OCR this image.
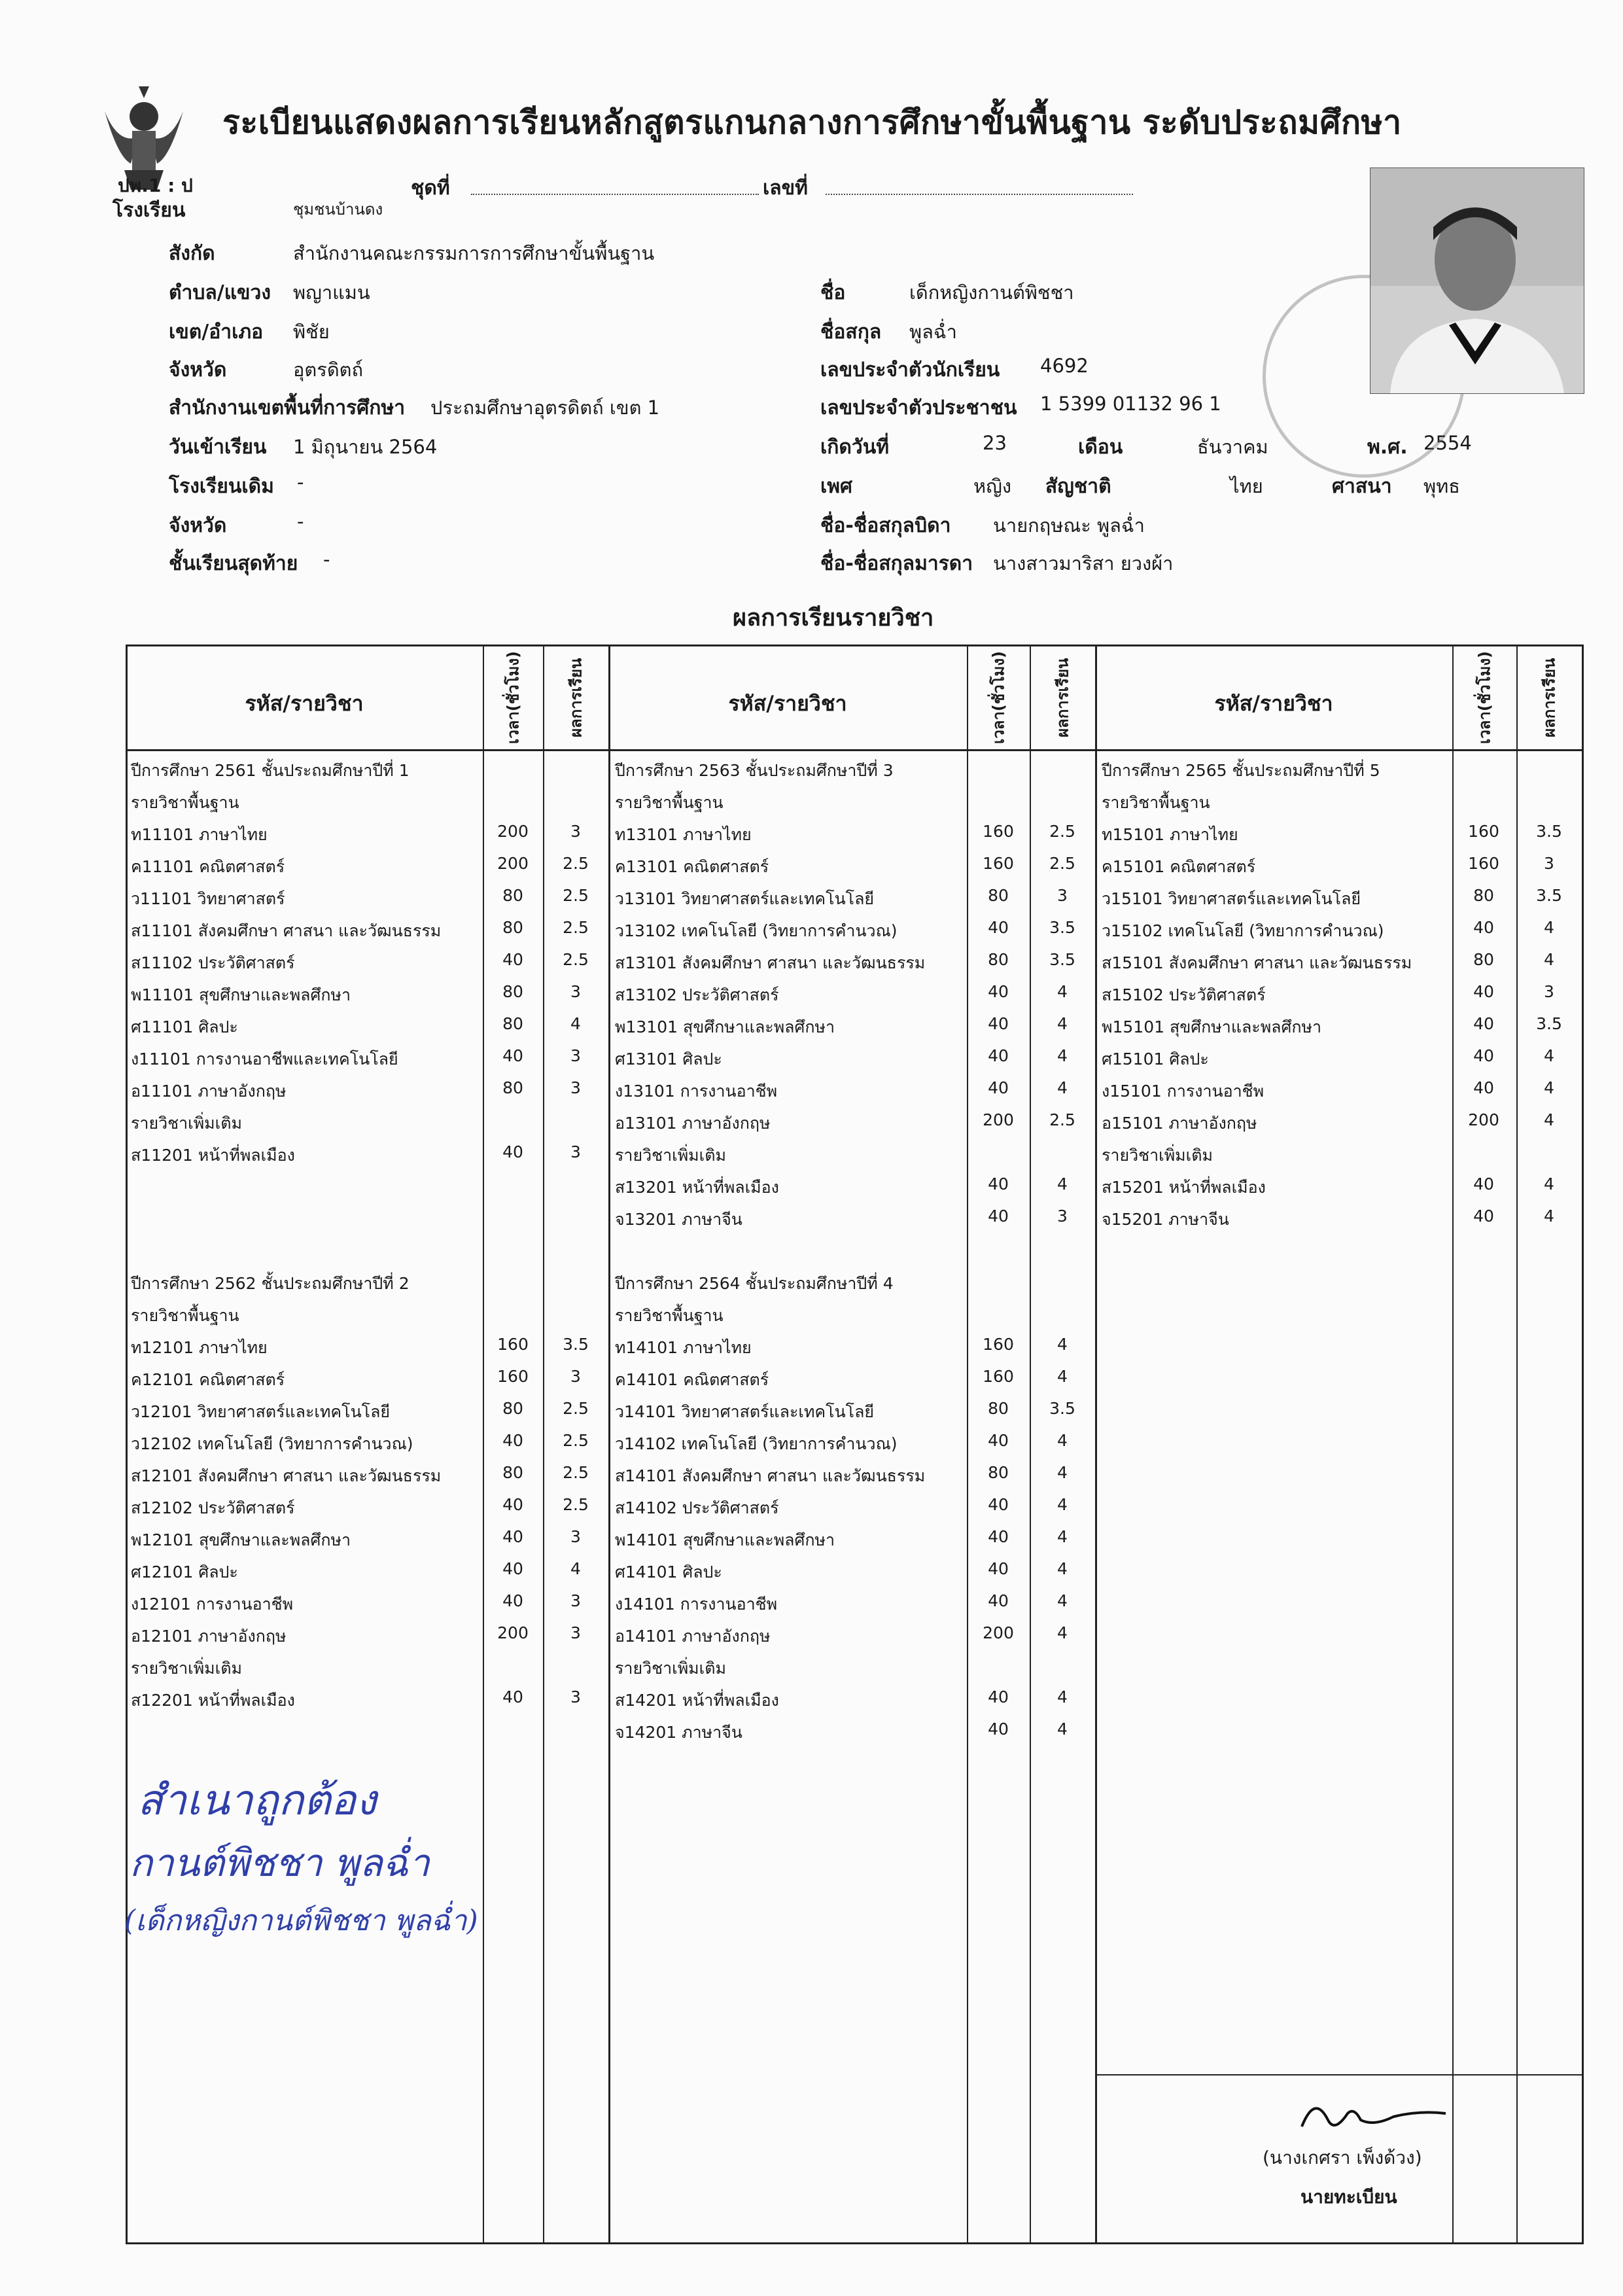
ระเบียนแสดงผลการเรียนหลักสูตรแกนกลางการศึกษาขั้นพื้นฐาน ระดับประถมศึกษา
ปพ.1 : ป
โรงเรียน	ชุมชนบ้านดง
ชุดที่	เลขที่
สังกัด	สำนักงานคณะกรรมการการศึกษาขั้นพื้นฐาน
ตำบล/แขวง พญาแมน
เขต/อำเภอ พิชัย
จังหวัด	อุตรดิตถ์
สำนักงานเขตพื้นที่การศึกษา ประถมศึกษาอุตรดิตถ์ เขต 1
วันเข้าเรียน 1 มิถุนายน 2564
โรงเรียนเดิม -
จังหวัด	-
ชั้นเรียนสุดท้าย -
ชื่อ	เด็กหญิงกานต์พิชชา
ชื่อสกุล พูลฉ่ำ
เลขประจำตัวนักเรียน 4692
เลขประจำตัวประชาชน 1 5399 01132 96 1
เกิดวันที่	23	เดือน	ธันวาคม	พ.ศ. 2554
เพศ	หญิง สัญชาติ	ไทย	ศาสนา พุทธ
ชื่อ-ชื่อสกุลบิดา นายกฤษณะ พูลฉ่ำ
ชื่อ-ชื่อสกุลมารดา นางสาวมาริสา ยวงผ้า
ผลการเรียนรายวิชา
รหัส/รายวิชา	เวลา(ชั่วโมง)	ผลการเรียน	รหัส/รายวิชา	เวลา(ชั่วโมง)	ผลการเรียน	รหัส/รายวิชา	เวลา(ชั่วโมง)	ผลการเรียน
ปีการศึกษา 2561 ชั้นประถมศึกษาปีที่ 1
รายวิชาพื้นฐาน
ท11101 ภาษาไทย	200	3
ค11101 คณิตศาสตร์	200	2.5
ว11101 วิทยาศาสตร์	80	2.5
ส11101 สังคมศึกษา ศาสนา และวัฒนธรรม	80	2.5
ส11102 ประวัติศาสตร์	40	2.5
พ11101 สุขศึกษาและพลศึกษา	80	3
ศ11101 ศิลปะ	80	4
ง11101 การงานอาชีพและเทคโนโลยี	40	3
อ11101 ภาษาอังกฤษ	80	3
รายวิชาเพิ่มเติม
ส11201 หน้าที่พลเมือง	40	3
ปีการศึกษา 2562 ชั้นประถมศึกษาปีที่ 2
รายวิชาพื้นฐาน
ท12101 ภาษาไทย	160	3.5
ค12101 คณิตศาสตร์	160	3
ว12101 วิทยาศาสตร์และเทคโนโลยี	80	2.5
ว12102 เทคโนโลยี (วิทยาการคำนวณ)	40	2.5
ส12101 สังคมศึกษา ศาสนา และวัฒนธรรม	80	2.5
ส12102 ประวัติศาสตร์	40	2.5
พ12101 สุขศึกษาและพลศึกษา	40	3
ศ12101 ศิลปะ	40	4
ง12101 การงานอาชีพ	40	3
อ12101 ภาษาอังกฤษ	200	3
รายวิชาเพิ่มเติม
ส12201 หน้าที่พลเมือง	40	3
ปีการศึกษา 2563 ชั้นประถมศึกษาปีที่ 3
รายวิชาพื้นฐาน
ท13101 ภาษาไทย	160	2.5
ค13101 คณิตศาสตร์	160	2.5
ว13101 วิทยาศาสตร์และเทคโนโลยี	80	3
ว13102 เทคโนโลยี (วิทยาการคำนวณ)	40	3.5
ส13101 สังคมศึกษา ศาสนา และวัฒนธรรม	80	3.5
ส13102 ประวัติศาสตร์	40	4
พ13101 สุขศึกษาและพลศึกษา	40	4
ศ13101 ศิลปะ	40	4
ง13101 การงานอาชีพ	40	4
อ13101 ภาษาอังกฤษ	200	2.5
รายวิชาเพิ่มเติม
ส13201 หน้าที่พลเมือง	40	4
จ13201 ภาษาจีน	40	3
ปีการศึกษา 2564 ชั้นประถมศึกษาปีที่ 4
รายวิชาพื้นฐาน
ท14101 ภาษาไทย	160	4
ค14101 คณิตศาสตร์	160	4
ว14101 วิทยาศาสตร์และเทคโนโลยี	80	3.5
ว14102 เทคโนโลยี (วิทยาการคำนวณ)	40	4
ส14101 สังคมศึกษา ศาสนา และวัฒนธรรม	80	4
ส14102 ประวัติศาสตร์	40	4
พ14101 สุขศึกษาและพลศึกษา	40	4
ศ14101 ศิลปะ	40	4
ง14101 การงานอาชีพ	40	4
อ14101 ภาษาอังกฤษ	200	4
รายวิชาเพิ่มเติม
ส14201 หน้าที่พลเมือง	40	4
จ14201 ภาษาจีน	40	4
ปีการศึกษา 2565 ชั้นประถมศึกษาปีที่ 5
รายวิชาพื้นฐาน
ท15101 ภาษาไทย	160	3.5
ค15101 คณิตศาสตร์	160	3
ว15101 วิทยาศาสตร์และเทคโนโลยี	80	3.5
ว15102 เทคโนโลยี (วิทยาการคำนวณ)	40	4
ส15101 สังคมศึกษา ศาสนา และวัฒนธรรม	80	4
ส15102 ประวัติศาสตร์	40	3
พ15101 สุขศึกษาและพลศึกษา	40	3.5
ศ15101 ศิลปะ	40	4
ง15101 การงานอาชีพ	40	4
อ15101 ภาษาอังกฤษ	200	4
รายวิชาเพิ่มเติม
ส15201 หน้าที่พลเมือง	40	4
จ15201 ภาษาจีน	40	4
สำเนาถูกต้อง
กานต์พิชชา พูลฉ่ำ
(เด็กหญิงกานต์พิชชา พูลฉ่ำ)
(นางเกศรา เพ็งด้วง)
นายทะเบียน
